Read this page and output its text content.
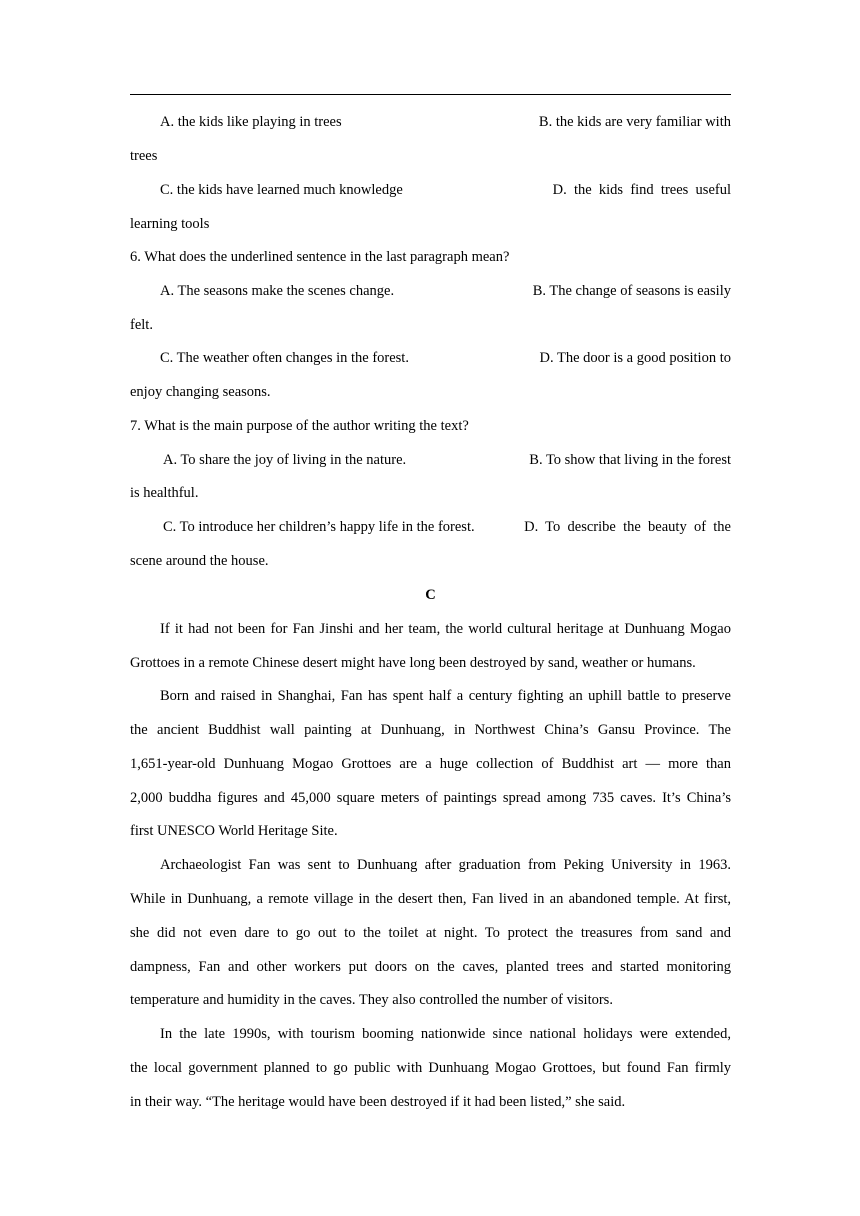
A. the kids like playing in trees	B. the kids are very familiar with
trees
C. the kids have learned much knowledge	D.  the  kids  find  trees  useful
learning tools
6. What does the underlined sentence in the last paragraph mean?
A. The seasons make the scenes change.	B. The change of seasons is easily
felt.
C. The weather often changes in the forest.	D. The door is a good position to
enjoy changing seasons.
7. What is the main purpose of the author writing the text?
A. To share the joy of living in the nature.	B. To show that living in the forest
is healthful.
C. To introduce her children’s happy life in the forest.	D.  To  describe  the  beauty  of  the
scene around the house.
C
If it had not been for Fan Jinshi and her team, the world cultural heritage at Dunhuang Mogao
Grottoes in a remote Chinese desert might have long been destroyed by sand, weather or humans.
Born and raised in Shanghai, Fan has spent half a century fighting an uphill battle to preserve
the ancient Buddhist wall painting at Dunhuang, in Northwest China’s Gansu Province. The
1,651-year-old Dunhuang Mogao Grottoes are a huge collection of Buddhist art — more than
2,000 buddha figures and 45,000 square meters of paintings spread among 735 caves. It’s China’s
first UNESCO World Heritage Site.
Archaeologist Fan was sent to Dunhuang after graduation from Peking University in 1963.
While in Dunhuang, a remote village in the desert then, Fan lived in an abandoned temple. At first,
she did not even dare to go out to the toilet at night. To protect the treasures from sand and
dampness, Fan and other workers put doors on the caves, planted trees and started monitoring
temperature and humidity in the caves. They also controlled the number of visitors.
In the late 1990s, with tourism booming nationwide since national holidays were extended,
the local government planned to go public with Dunhuang Mogao Grottoes, but found Fan firmly
in their way. “The heritage would have been destroyed if it had been listed,” she said.
